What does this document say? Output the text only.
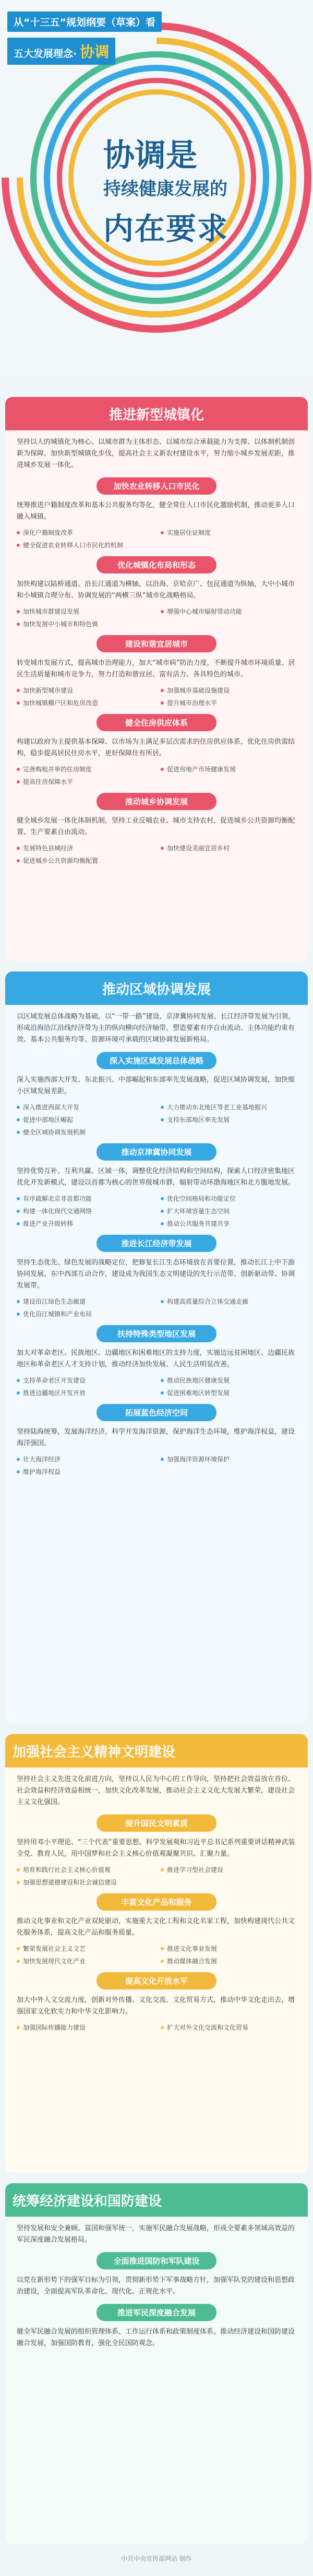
从“十三五”规划纲要（草案）看
五大发展理念· 协调
协调是
持续健康发展的
内在要求
推进新型城镇化

坚持以人的城镇化为核心、以城市群为主体形态、以城市综合承载能力为支撑、以体制机制创新为保障，加快新型城镇化步伐，提高社会主义新农村建设水平，努力缩小城乡发展差距，推进城乡发展一体化。

加快农业转移人口市民化

统筹推进户籍制度改革和基本公共服务均等化，健全常住人口市民化激励机制，推动更多人口融入城镇。

深化户籍制度改革	实施居住证制度
健全促进农业转移人口市民化的机制
优化城镇化布局和形态

加快构建以陆桥通道、沿长江通道为横轴，以沿海、京哈京广、包昆通道为纵轴，大中小城市和小城镇合理分布、协调发展的“两横三纵”城市化战略格局。

加快城市群建设发展	增强中心城市辐射带动功能
加快发展中小城市和特色镇
建设和谐宜居城市

转变城市发展方式，提高城市治理能力，加大“城市病”防治力度，不断提升城市环境质量、居民生活质量和城市竞争力，努力打造和谐宜居、富有活力、各具特色的城市。

加快新型城市建设	加强城市基础设施建设
加快城镇棚户区和危房改造	提升城市治理水平
健全住房供应体系

构建以政府为主提供基本保障、以市场为主满足多层次需求的住房供应体系，优化住房供需结构，稳步提高居民住房水平，更好保障住有所居。

完善购租并举的住房制度	促进房地产市场健康发展
提高住房保障水平
推动城乡协调发展

健全城乡发展一体化体制机制，坚持工业反哺农业、城市支持农村，促进城乡公共资源均衡配置、生产要素自由流动。

发展特色县域经济	加快建设美丽宜居乡村
促进城乡公共资源均衡配置
推动区域协调发展

以区域发展总体战略为基础，以“一带一路”建设、京津冀协同发展、长江经济带发展为引领，形成沿海沿江沿线经济带为主的纵向横向经济轴带，塑造要素有序自由流动、主体功能约束有效、基本公共服务均等、资源环境可承载的区域协调发展新格局。

深入实施区域发展总体战略

深入实施西部大开发、东北振兴、中部崛起和东部率先发展战略，促进区域协调发展，加快缩小区域发展差距。

深入推进西部大开发	大力推动东北地区等老工业基地振兴
促进中部地区崛起	支持东部地区率先发展
健全区域协调发展机制
推动京津冀协同发展

坚持优势互补、互利共赢、区域一体，调整优化经济结构和空间结构，探索人口经济密集地区优化开发新模式，建设以首都为核心的世界级城市群，辐射带动环渤海地区和北方腹地发展。

有序疏解北京非首都功能	优化空间格局和功能定位
构建一体化现代交通网络	扩大环境容量生态空间
推进产业升级转移	推动公共服务共建共享
推进长江经济带发展

坚持生态优先、绿色发展的战略定位，把修复长江生态环境放在首要位置，推动长江上中下游协同发展、东中西部互动合作，建设成为我国生态文明建设的先行示范带、创新驱动带、协调发展带。

建设沿江绿色生态廊道	构建高质量综合立体交通走廊
优化沿江城镇和产业布局
扶持特殊类型地区发展

加大对革命老区、民族地区、边疆地区和困难地区的支持力度，实施边远贫困地区、边疆民族地区和革命老区人才支持计划，推动经济加快发展、人民生活明显改善。

支持革命老区开发建设	推动民族地区健康发展
推进边疆地区开发开放	促进困难地区转型发展
拓展蓝色经济空间

坚持陆海统筹，发展海洋经济，科学开发海洋资源，保护海洋生态环境，维护海洋权益，建设海洋强国。

壮大海洋经济	加强海洋资源环境保护
维护海洋权益
加强社会主义精神文明建设

坚持社会主义先进文化前进方向，坚持以人民为中心的工作导向，坚持把社会效益放在首位、社会效益和经济效益相统一，加快文化改革发展，推动社会主义文化大发展大繁荣，建设社会主义文化强国。

提升国民文明素质

坚持用邓小平理论、“三个代表”重要思想、科学发展观和习近平总书记系列重要讲话精神武装全党、教育人民，用中国梦和社会主义核心价值观凝聚共识、汇聚力量。

培育和践行社会主义核心价值观	推进学习型社会建设
加强思想道德建设和社会诚信建设
丰富文化产品和服务

推动文化事业和文化产业双轮驱动，实施重大文化工程和文化名家工程，加快构建现代公共文化服务体系，提高文化产品和服务质量。

繁荣发展社会主义文艺	推进文化事业发展
加快发展现代文化产业	推动媒体融合发展
提高文化开放水平

加大中外人文交流力度，创新对外传播、文化交流、文化贸易方式，推动中华文化走出去，增强国家文化软实力和中华文化影响力。

加强国际传播能力建设	扩大对外文化交流和文化贸易
统筹经济建设和国防建设

坚持发展和安全兼顾、富国和强军统一，实施军民融合发展战略，形成全要素多领域高效益的军民深度融合发展格局。

全面推进国防和军队建设

以党在新形势下的强军目标为引领，贯彻新形势下军事战略方针，加强军队党的建设和思想政治建设，全面提高军队革命化、现代化、正规化水平。

推进军民深度融合发展

健全军民融合发展的组织管理体系、工作运行体系和政策制度体系。推动经济建设和国防建设融合发展，加强国防教育，强化全民国防观念。

中共中央宣传部网站 制作
